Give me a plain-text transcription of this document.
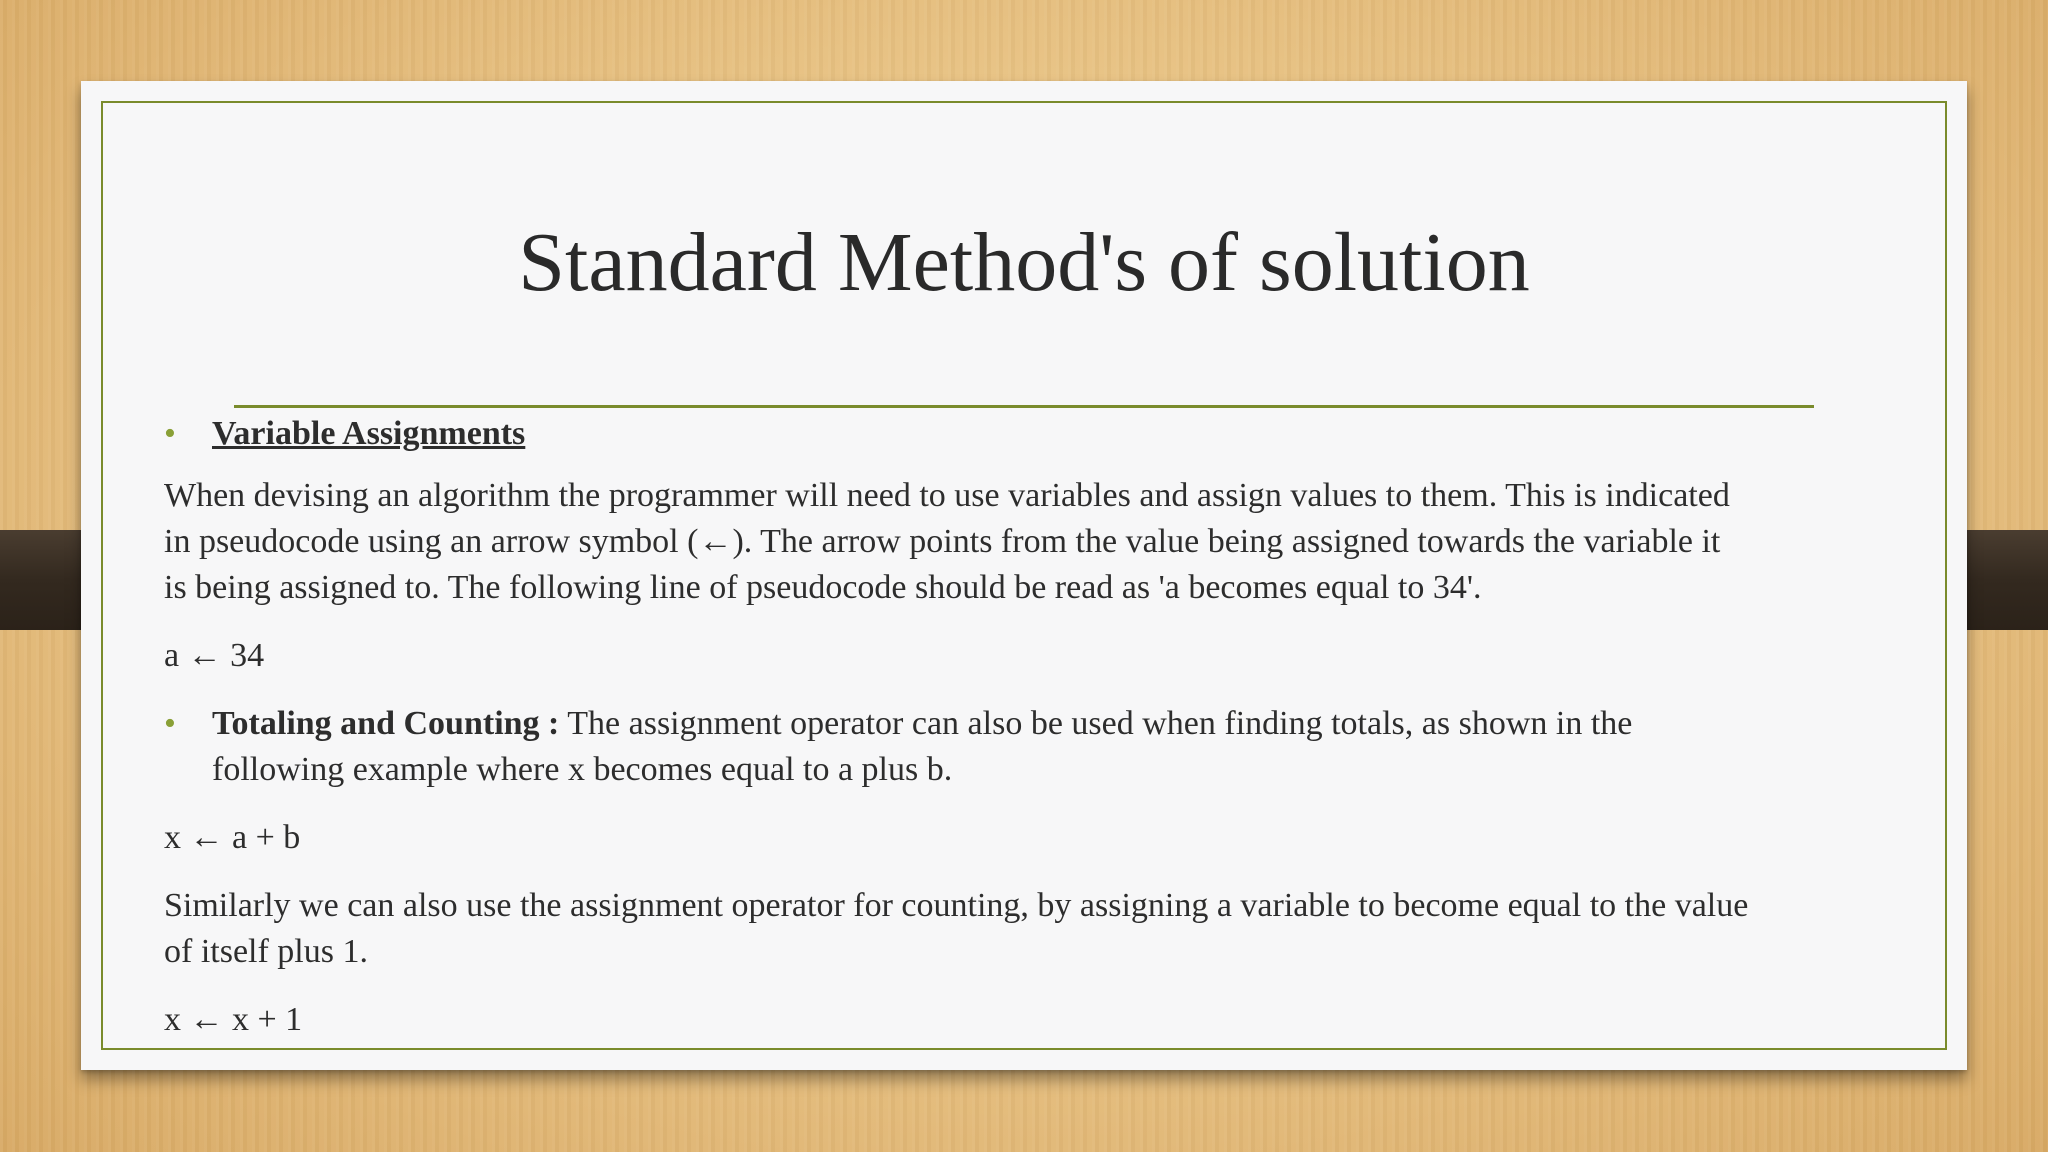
Standard Method's of solution
• Variable Assignments

When devising an algorithm the programmer will need to use variables and assign values to them. This is indicated
in pseudocode using an arrow symbol (←). The arrow points from the value being assigned towards the variable it
is being assigned to. The following line of pseudocode should be read as 'a becomes equal to 34'.

a ← 34

• Totaling and Counting : The assignment operator can also be used when finding totals, as shown in the
following example where x becomes equal to a plus b.

x ← a + b

Similarly we can also use the assignment operator for counting, by assigning a variable to become equal to the value
of itself plus 1.

x ← x + 1
